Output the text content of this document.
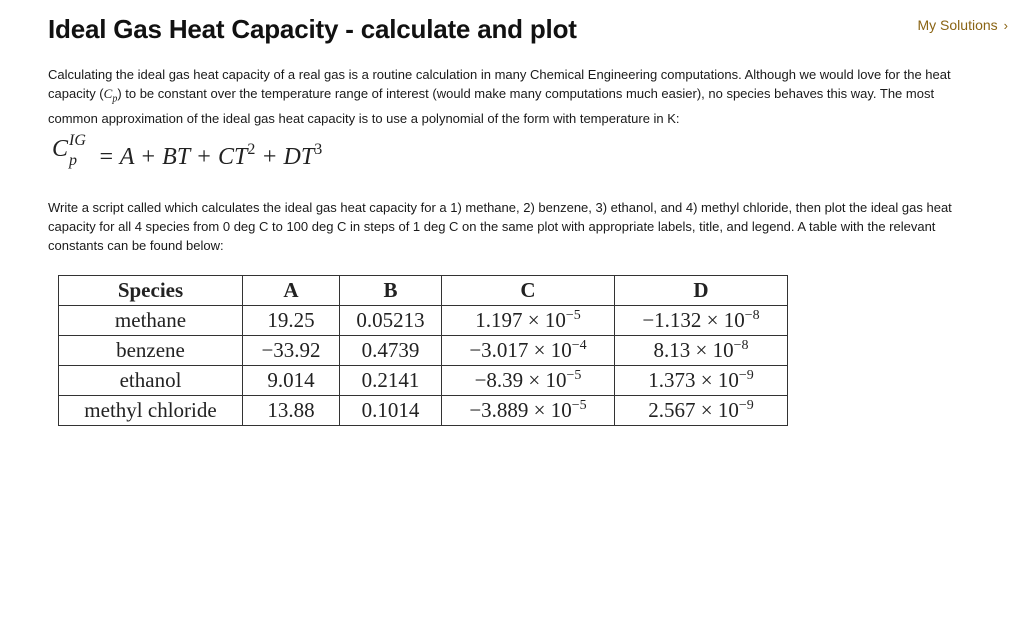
Ideal Gas Heat Capacity - calculate and plot	My Solutions ›

Calculating the ideal gas heat capacity of a real gas is a routine calculation in many Chemical Engineering computations. Although we would love for the heat capacity $(C_p)$ to be constant over the temperature range of interest (would make many computations much easier), no species behaves this way. The most common approximation of the ideal gas heat capacity is to use a polynomial of the form with temperature in K:

C IG
p = A + BT + $CT^2 + DT^3$

Write a script called which calculates the ideal gas heat capacity for a 1) methane, 2) benzene, 3) ethanol, and 4) methyl chloride, then plot the ideal gas heat capacity for all 4 species from 0 deg C to 100 deg C in steps of 1 deg C on the same plot with appropriate labels, title, and legend. A table with the relevant constants can be found below:

Species	A	B	C	D
methane	19.25	0.05213	$1.197 \times 10^{-5}$	$-1.132 \times 10^{-8}$
benzene	−33.92	0.4739	$-3.017 \times 10^{-4}$	$8.13 \times 10^{-8}$
ethanol	9.014	0.2141	$-8.39 \times 10^{-5}$	$1.373 \times 10^{-9}$
methyl chloride	13.88	0.1014	$-3.889 \times 10^{-5}$	$2.567 \times 10^{-9}$
